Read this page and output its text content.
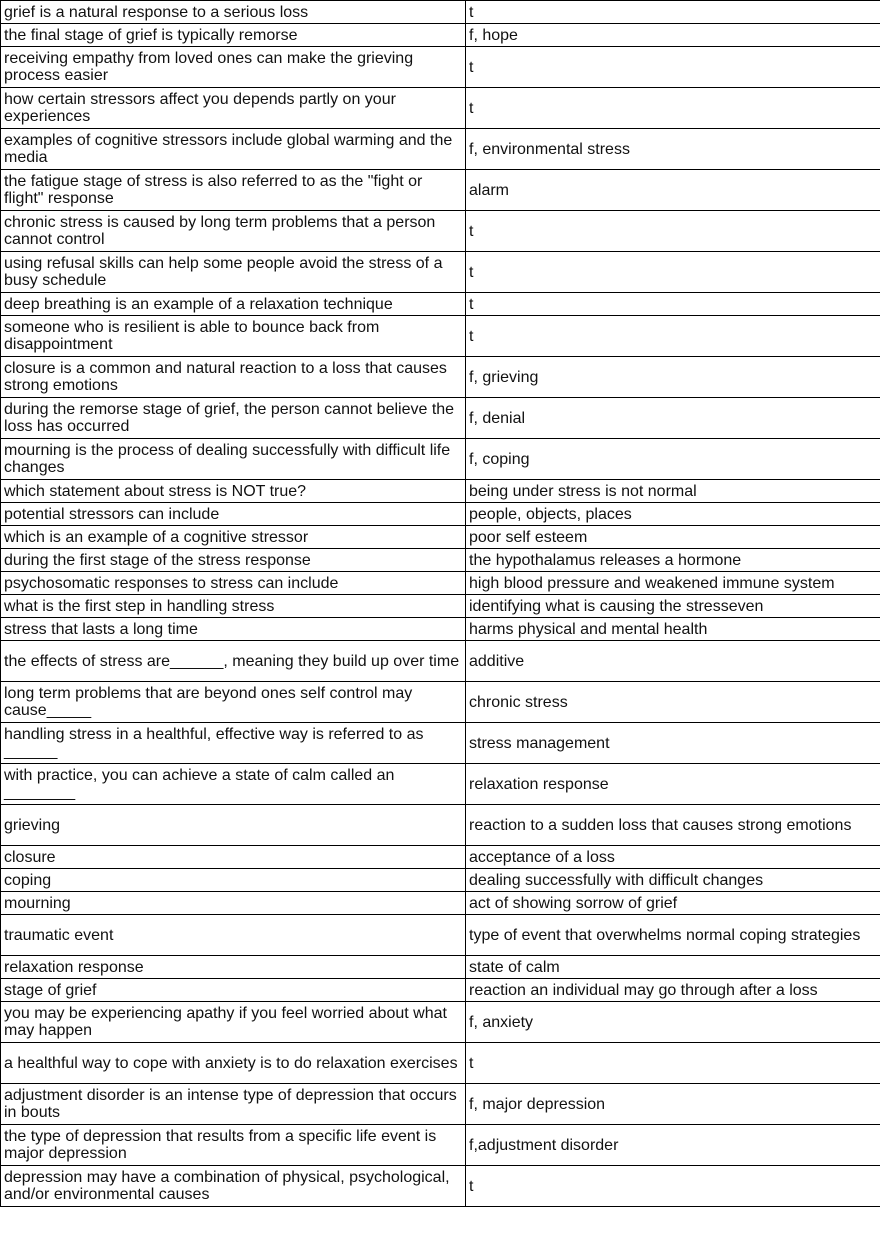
grief is a natural response to a serious loss	t
the final stage of grief is typically remorse	f, hope
receiving empathy from loved ones can make the grieving process easier	t
how certain stressors affect you depends partly on your experiences	t
examples of cognitive stressors include global warming and the media	f, environmental stress
the fatigue stage of stress is also referred to as the "fight or flight" response	alarm
chronic stress is caused by long term problems that a person cannot control	t
using refusal skills can help some people avoid the stress of a busy schedule	t
deep breathing is an example of a relaxation technique	t
someone who is resilient is able to bounce back from disappointment	t
closure is a common and natural reaction to a loss that causes strong emotions	f, grieving
during the remorse stage of grief, the person cannot believe the loss has occurred	f, denial
mourning is the process of dealing successfully with difficult life changes	f, coping
which statement about stress is NOT true?	being under stress is not normal
potential stressors can include	people, objects, places
which is an example of a cognitive stressor	poor self esteem
during the first stage of the stress response	the hypothalamus releases a hormone
psychosomatic responses to stress can include	high blood pressure and weakened immune system
what is the first step in handling stress	identifying what is causing the stresseven
stress that lasts a long time	harms physical and mental health
the effects of stress are______, meaning they build up over time	additive
long term problems that are beyond ones self control may cause_____	chronic stress
handling stress in a healthful, effective way is referred to as ______	stress management
with practice, you can achieve a state of calm called an ________	relaxation response
grieving	reaction to a sudden loss that causes strong emotions
closure	acceptance of a loss
coping	dealing successfully with difficult changes
mourning	act of showing sorrow of grief
traumatic event	type of event that overwhelms normal coping strategies
relaxation response	state of calm
stage of grief	reaction an individual may go through after a loss
you may be experiencing apathy if you feel worried about what may happen	f, anxiety
a healthful way to cope with anxiety is to do relaxation exercises	t
adjustment disorder is an intense type of depression that occurs in bouts	f, major depression
the type of depression that results from a specific life event is major depression	f,adjustment disorder
depression may have a combination of physical, psychological, and/or environmental causes	t
